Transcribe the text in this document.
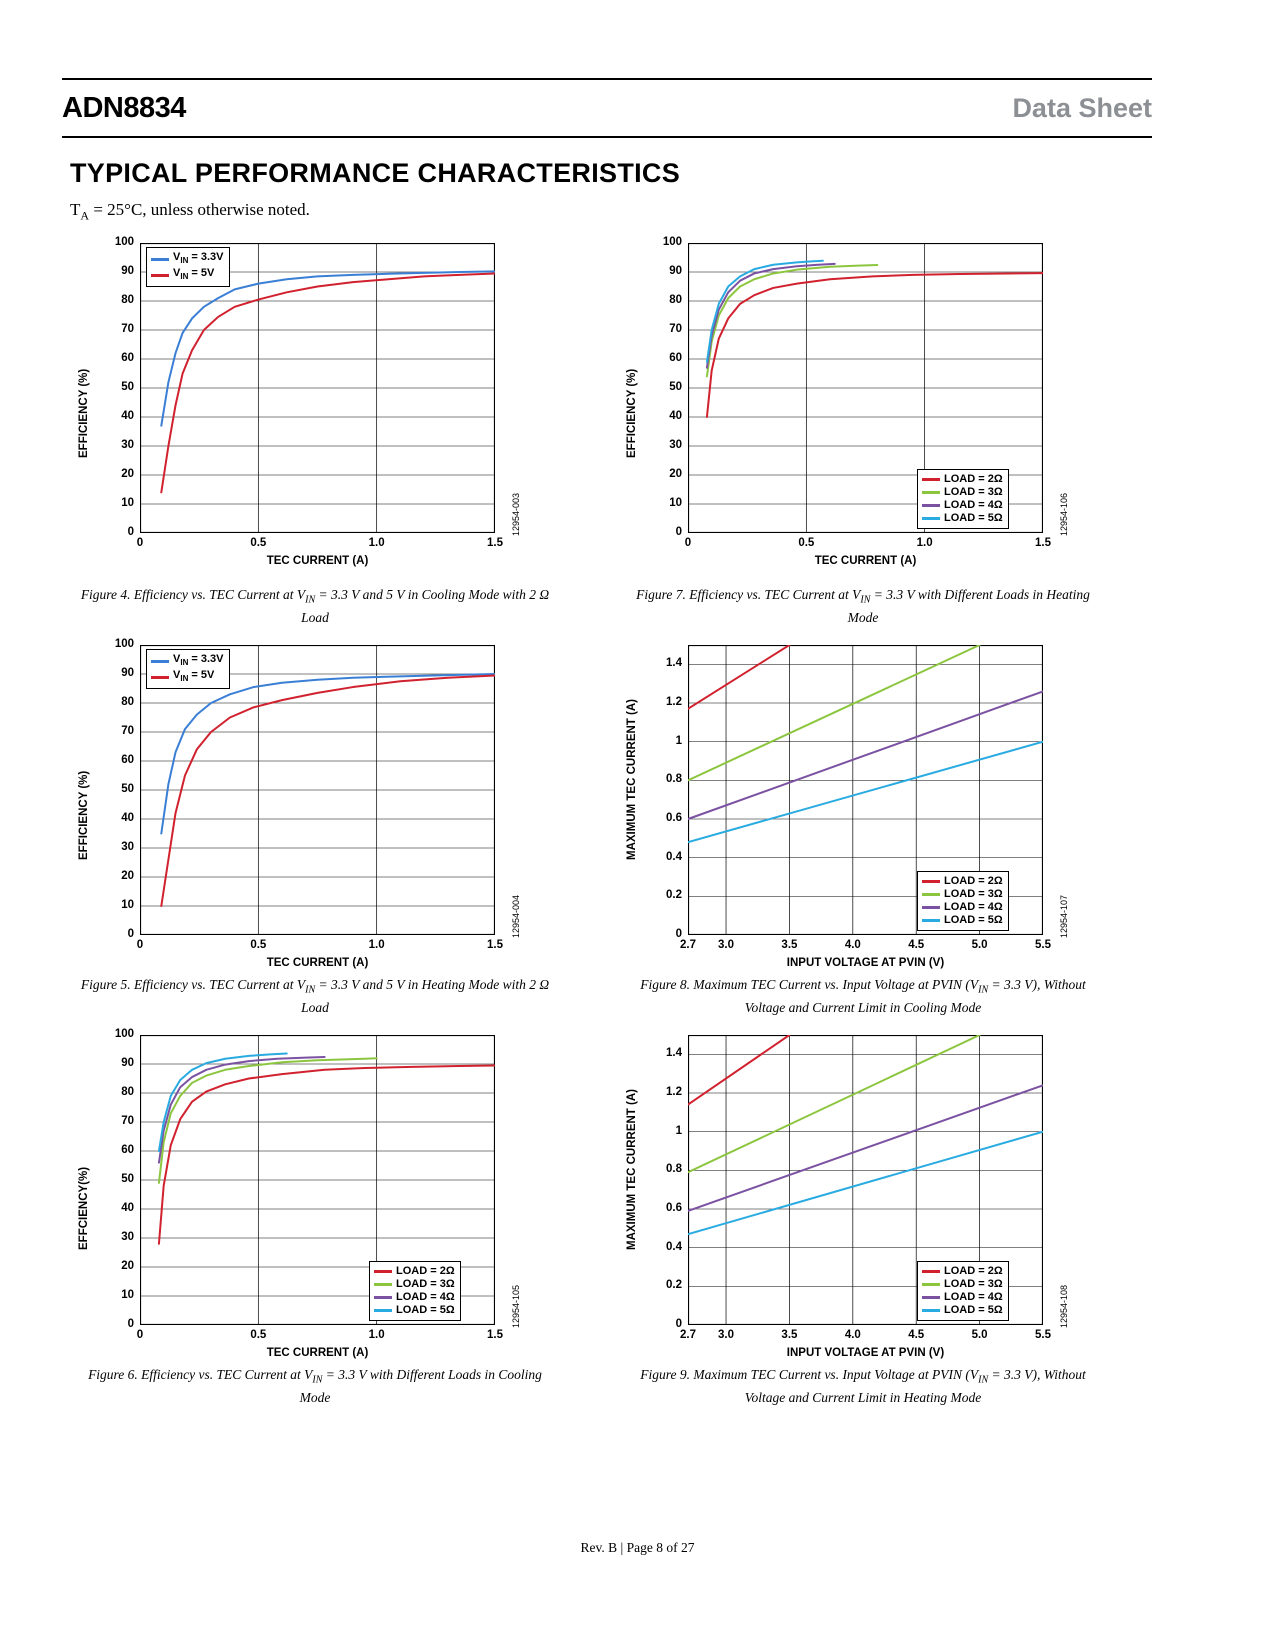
ADN8834	Data Sheet
TYPICAL PERFORMANCE CHARACTERISTICS
$T_A = 25^\circ C$, unless otherwise noted.
0
10
20
30
40
50
60
70
80
90
100
0	0.5	1.0	1.5
EFFICIENCY (%)
TEC CURRENT (A)
12954-003
$V_{IN} = 3.3V$
$V_{IN} = 5V$
Figure 4. Efficiency vs. TEC Current at $V_{IN} = 3.3$ V and 5 V in Cooling Mode with 2 Ω Load
0
10
20
30
40
50
60
70
80
90
100
0	0.5	1.0	1.5
EFFICIENCY (%)
TEC CURRENT (A)
12954-106
LOAD = 2Ω
LOAD = 3Ω
LOAD = 4Ω
LOAD = 5Ω
Figure 7. Efficiency vs. TEC Current at $V_{IN} = 3.3$ V with Different Loads in Heating Mode
0
10
20
30
40
50
60
70
80
90
100
0	0.5	1.0	1.5
EFFICIENCY (%)
TEC CURRENT (A)
12954-004
$V_{IN} = 3.3V$
$V_{IN} = 5V$
Figure 5. Efficiency vs. TEC Current at $V_{IN} = 3.3$ V and 5 V in Heating Mode with 2 Ω Load
0
0.2
0.4
0.6
0.8
1
1.2
1.4
2.7	3.0	3.5	4.0	4.5	5.0	5.5
MAXIMUM TEC CURRENT (A)
INPUT VOLTAGE AT PVIN (V)
12954-107
LOAD = 2Ω
LOAD = 3Ω
LOAD = 4Ω
LOAD = 5Ω
Figure 8. Maximum TEC Current vs. Input Voltage at PVIN ($V_{IN} = 3.3$ V), Without Voltage and Current Limit in Cooling Mode
0
10
20
30
40
50
60
70
80
90
100
0	0.5	1.0	1.5
EFFCIENCY(%)
TEC CURRENT (A)
12954-105
LOAD = 2Ω
LOAD = 3Ω
LOAD = 4Ω
LOAD = 5Ω
Figure 6. Efficiency vs. TEC Current at $V_{IN} = 3.3$ V with Different Loads in Cooling Mode
0
0.2
0.4
0.6
0.8
1
1.2
1.4
2.7	3.0	3.5	4.0	4.5	5.0	5.5
MAXIMUM TEC CURRENT (A)
INPUT VOLTAGE AT PVIN (V)
12954-108
LOAD = 2Ω
LOAD = 3Ω
LOAD = 4Ω
LOAD = 5Ω
Figure 9. Maximum TEC Current vs. Input Voltage at PVIN ($V_{IN} = 3.3$ V), Without Voltage and Current Limit in Heating Mode
Rev. B | Page 8 of 27
